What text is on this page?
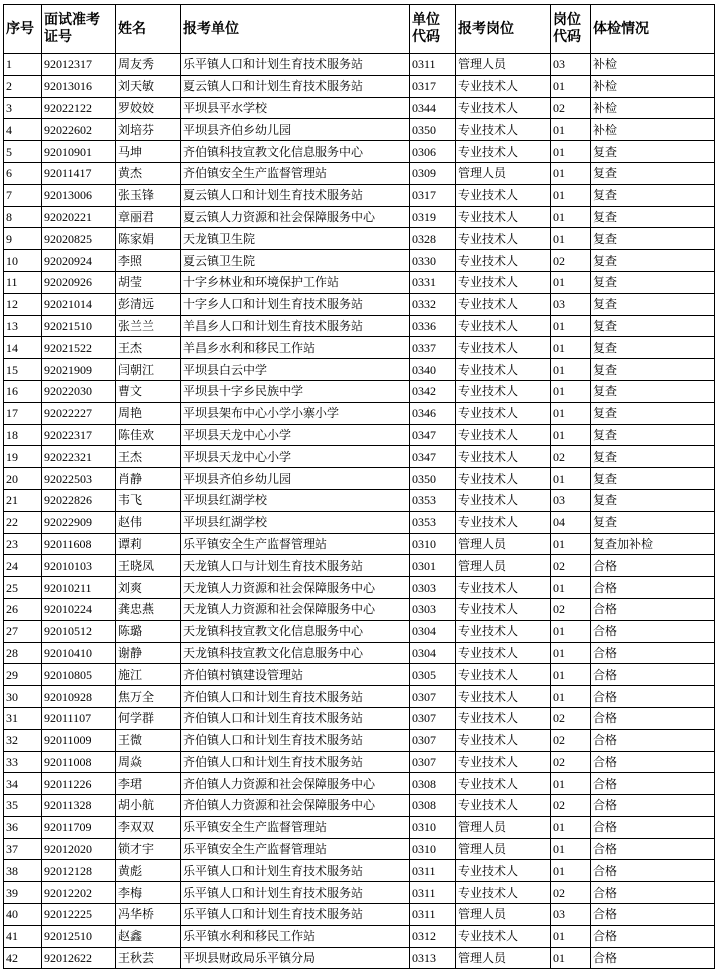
序号	面试准考证号	姓名	报考单位	单位代码	报考岗位	岗位代码	体检情况
1	92012317	周友秀	乐平镇人口和计划生育技术服务站	0311	管理人员	03	补检
2	92013016	刘天敏	夏云镇人口和计划生育技术服务站	0317	专业技术人	01	补检
3	92022122	罗姣姣	平坝县平水学校	0344	专业技术人	02	补检
4	92022602	刘培芬	平坝县齐伯乡幼儿园	0350	专业技术人	01	补检
5	92010901	马坤	齐伯镇科技宣教文化信息服务中心	0306	专业技术人	01	复查
6	92011417	黄杰	齐伯镇安全生产监督管理站	0309	管理人员	01	复查
7	92013006	张玉锋	夏云镇人口和计划生育技术服务站	0317	专业技术人	01	复查
8	92020221	章丽君	夏云镇人力资源和社会保障服务中心	0319	专业技术人	01	复查
9	92020825	陈家娟	天龙镇卫生院	0328	专业技术人	01	复查
10	92020924	李照	夏云镇卫生院	0330	专业技术人	02	复查
11	92020926	胡莹	十字乡林业和环境保护工作站	0331	专业技术人	01	复查
12	92021014	彭清远	十字乡人口和计划生育技术服务站	0332	专业技术人	03	复查
13	92021510	张兰兰	羊昌乡人口和计划生育技术服务站	0336	专业技术人	01	复查
14	92021522	王杰	羊昌乡水利和移民工作站	0337	专业技术人	01	复查
15	92021909	闫朝江	平坝县白云中学	0340	专业技术人	01	复查
16	92022030	曹文	平坝县十字乡民族中学	0342	专业技术人	01	复查
17	92022227	周艳	平坝县架布中心小学小寨小学	0346	专业技术人	01	复查
18	92022317	陈佳欢	平坝县天龙中心小学	0347	专业技术人	01	复查
19	92022321	王杰	平坝县天龙中心小学	0347	专业技术人	02	复查
20	92022503	肖静	平坝县齐伯乡幼儿园	0350	专业技术人	01	复查
21	92022826	韦飞	平坝县红湖学校	0353	专业技术人	03	复查
22	92022909	赵伟	平坝县红湖学校	0353	专业技术人	04	复查
23	92011608	谭莉	乐平镇安全生产监督管理站	0310	管理人员	01	复查加补检
24	92010103	王晓凤	天龙镇人口与计划生育技术服务站	0301	管理人员	02	合格
25	92010211	刘爽	天龙镇人力资源和社会保障服务中心	0303	专业技术人	01	合格
26	92010224	龚忠燕	天龙镇人力资源和社会保障服务中心	0303	专业技术人	02	合格
27	92010512	陈璐	天龙镇科技宣教文化信息服务中心	0304	专业技术人	01	合格
28	92010410	谢静	天龙镇科技宣教文化信息服务中心	0304	专业技术人	01	合格
29	92010805	施江	齐伯镇村镇建设管理站	0305	专业技术人	01	合格
30	92010928	焦万全	齐伯镇人口和计划生育技术服务站	0307	专业技术人	01	合格
31	92011107	何学群	齐伯镇人口和计划生育技术服务站	0307	专业技术人	02	合格
32	92011009	王微	齐伯镇人口和计划生育技术服务站	0307	专业技术人	02	合格
33	92011008	周焱	齐伯镇人口和计划生育技术服务站	0307	专业技术人	02	合格
34	92011226	李珺	齐伯镇人力资源和社会保障服务中心	0308	专业技术人	01	合格
35	92011328	胡小航	齐伯镇人力资源和社会保障服务中心	0308	专业技术人	02	合格
36	92011709	李双双	乐平镇安全生产监督管理站	0310	管理人员	01	合格
37	92012020	锁才宇	乐平镇安全生产监督管理站	0310	管理人员	01	合格
38	92012128	黄彪	乐平镇人口和计划生育技术服务站	0311	专业技术人	01	合格
39	92012202	李梅	乐平镇人口和计划生育技术服务站	0311	专业技术人	02	合格
40	92012225	冯华桥	乐平镇人口和计划生育技术服务站	0311	管理人员	03	合格
41	92012510	赵鑫	乐平镇水利和移民工作站	0312	专业技术人	01	合格
42	92012622	王秋芸	平坝县财政局乐平镇分局	0313	管理人员	01	合格
